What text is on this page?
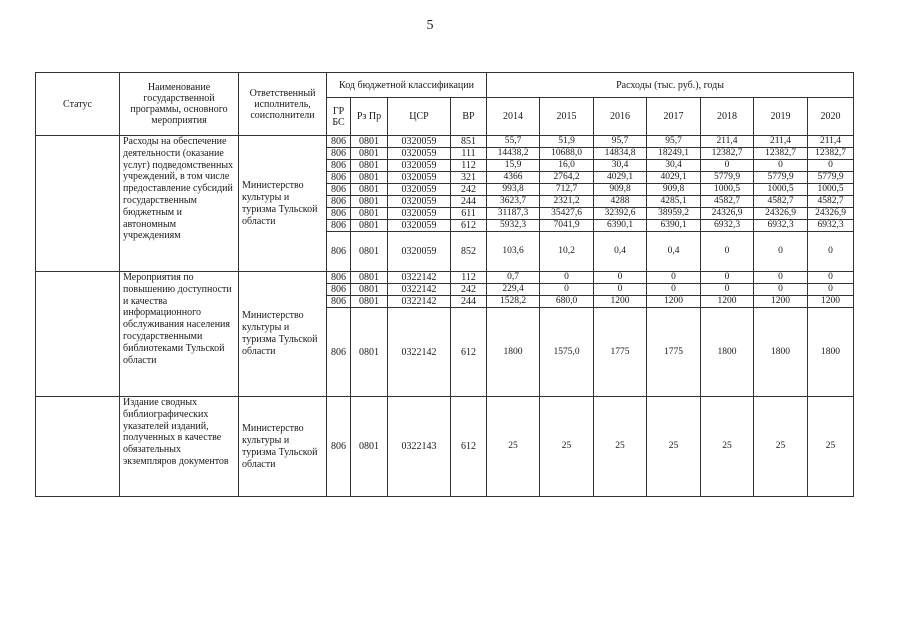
5
Статус	Наименование государственной программы, основного мероприятия	Ответственный исполнитель, соисполнители	Код бюджетной классификации				Расходы (тыс. руб.), годы						
			ГР БС	Рз Пр	ЦСР	ВР	2014	2015	2016	2017	2018	2019	2020
	Расходы на обеспечение деятельности (оказание услуг) подведомственных учреждений, в том числе предоставление субсидий государственным бюджетным и автономным учреждениям	Министерство культуры и туризма Тульской области	806	0801	0320059	851	55,7	51,9	95,7	95,7	211,4	211,4	211,4
			806	0801	0320059	111	14438,2	10688,0	14834,8	18249,1	12382,7	12382,7	12382,7
			806	0801	0320059	112	15,9	16,0	30,4	30,4	0	0	0
			806	0801	0320059	321	4366	2764,2	4029,1	4029,1	5779,9	5779,9	5779,9
			806	0801	0320059	242	993,8	712,7	909,8	909,8	1000,5	1000,5	1000,5
			806	0801	0320059	244	3623,7	2321,2	4288	4285,1	4582,7	4582,7	4582,7
			806	0801	0320059	611	31187,3	35427,6	32392,6	38959,2	24326,9	24326,9	24326,9
			806	0801	0320059	612	5932,3	7041,9	6390,1	6390,1	6932,3	6932,3	6932,3
			806	0801	0320059	852	103,6	10,2	0,4	0,4	0	0	0
	Мероприятия по повышению доступности и качества информационного обслуживания населения государственными библиотеками Тульской области	Министерство культуры и туризма Тульской области	806	0801	0322142	112	0,7	0	0	0	0	0	0
			806	0801	0322142	242	229,4	0	0	0	0	0	0
			806	0801	0322142	244	1528,2	680,0	1200	1200	1200	1200	1200
			806	0801	0322142	612	1800	1575,0	1775	1775	1800	1800	1800
	Издание сводных библиографических указателей изданий, полученных в качестве обязательных экземпляров документов	Министерство культуры и туризма Тульской области	806	0801	0322143	612	25	25	25	25	25	25	25
